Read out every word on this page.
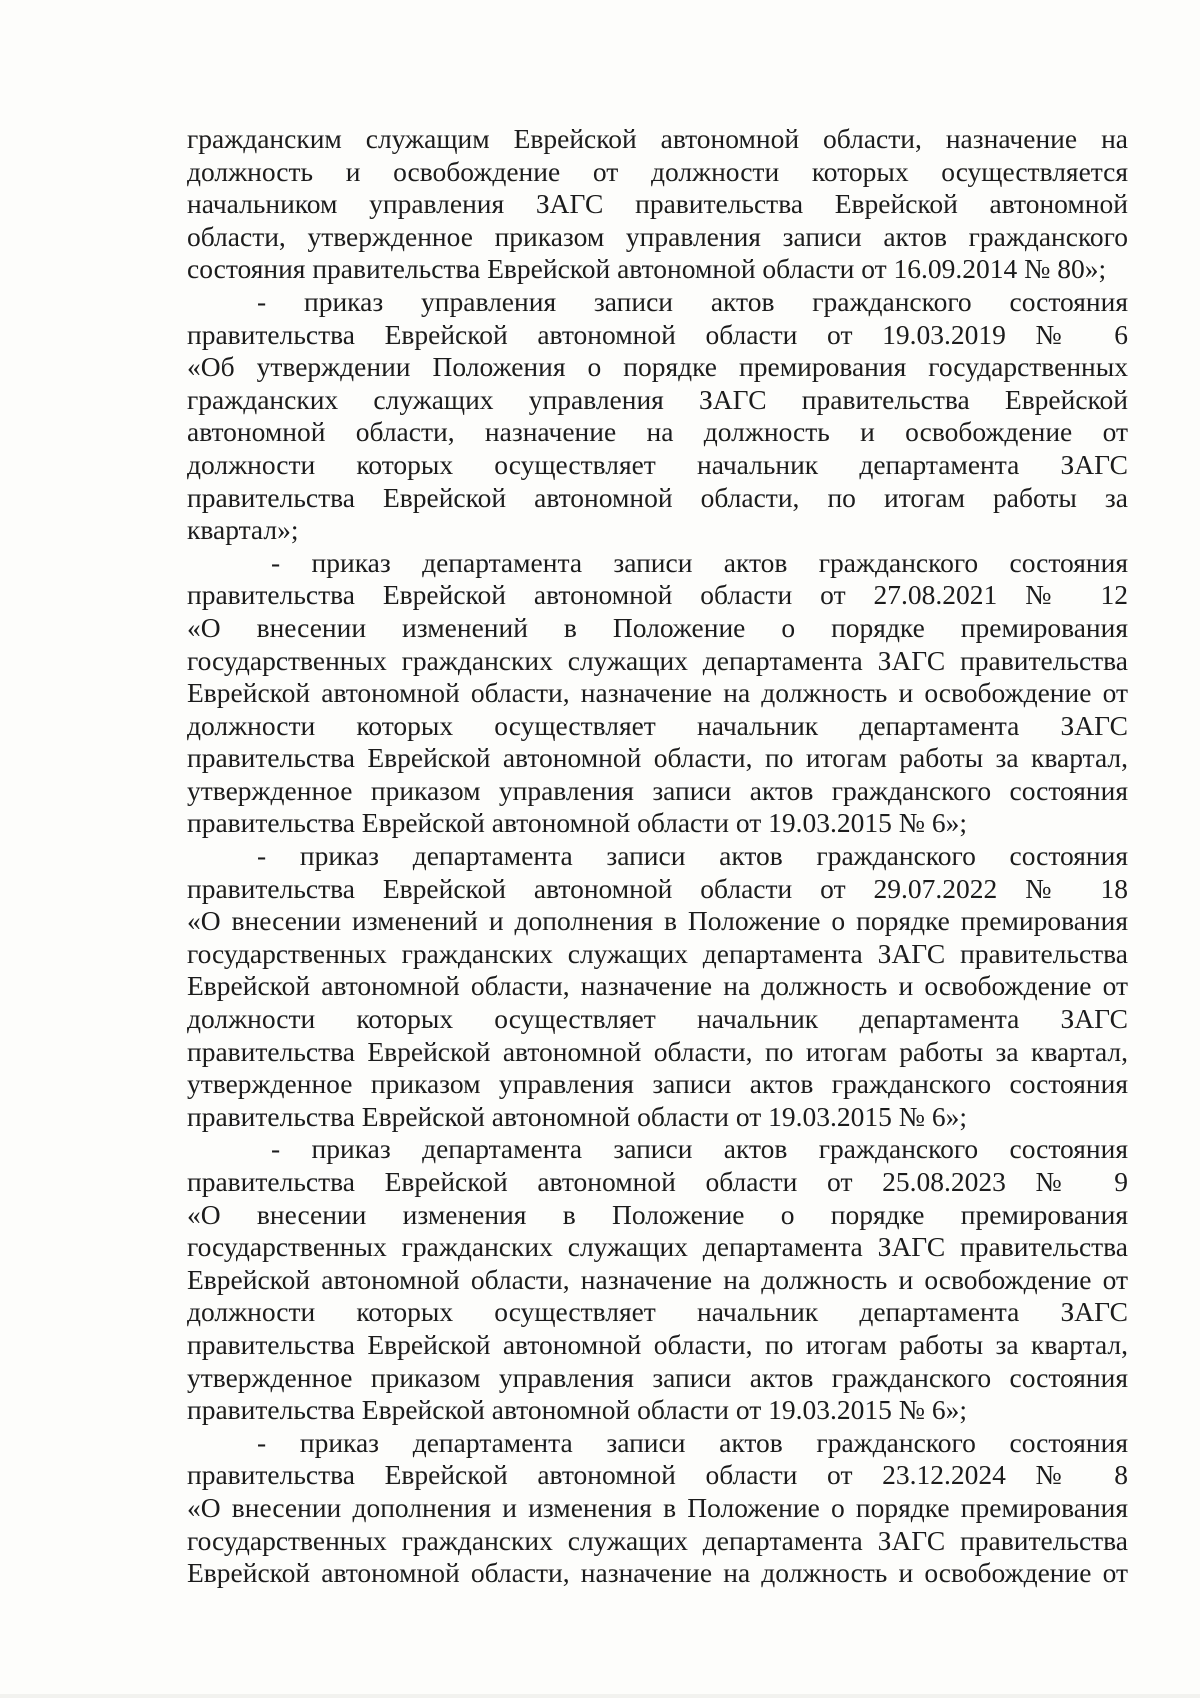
гражданским служащим Еврейской автономной области, назначение на
должность и освобождение от должности которых осуществляется
начальником управления ЗАГС правительства Еврейской автономной
области, утвержденное приказом управления записи актов гражданского
состояния правительства Еврейской автономной области от 16.09.2014 № 80»;
- приказ управления записи актов гражданского состояния
правительства Еврейской автономной области от 19.03.2019 № 6
«Об утверждении Положения о порядке премирования государственных
гражданских служащих управления ЗАГС правительства Еврейской
автономной области, назначение на должность и освобождение от
должности которых осуществляет начальник департамента ЗАГС
правительства Еврейской автономной области, по итогам работы за
квартал»;
- приказ департамента записи актов гражданского состояния
правительства Еврейской автономной области от 27.08.2021 № 12
«О внесении изменений в Положение о порядке премирования
государственных гражданских служащих департамента ЗАГС правительства
Еврейской автономной области, назначение на должность и освобождение от
должности которых осуществляет начальник департамента ЗАГС
правительства Еврейской автономной области, по итогам работы за квартал,
утвержденное приказом управления записи актов гражданского состояния
правительства Еврейской автономной области от 19.03.2015 № 6»;
- приказ департамента записи актов гражданского состояния
правительства Еврейской автономной области от 29.07.2022 № 18
«О внесении изменений и дополнения в Положение о порядке премирования
государственных гражданских служащих департамента ЗАГС правительства
Еврейской автономной области, назначение на должность и освобождение от
должности которых осуществляет начальник департамента ЗАГС
правительства Еврейской автономной области, по итогам работы за квартал,
утвержденное приказом управления записи актов гражданского состояния
правительства Еврейской автономной области от 19.03.2015 № 6»;
- приказ департамента записи актов гражданского состояния
правительства Еврейской автономной области от 25.08.2023 № 9
«О внесении изменения в Положение о порядке премирования
государственных гражданских служащих департамента ЗАГС правительства
Еврейской автономной области, назначение на должность и освобождение от
должности которых осуществляет начальник департамента ЗАГС
правительства Еврейской автономной области, по итогам работы за квартал,
утвержденное приказом управления записи актов гражданского состояния
правительства Еврейской автономной области от 19.03.2015 № 6»;
- приказ департамента записи актов гражданского состояния
правительства Еврейской автономной области от 23.12.2024 № 8
«О внесении дополнения и изменения в Положение о порядке премирования
государственных гражданских служащих департамента ЗАГС правительства
Еврейской автономной области, назначение на должность и освобождение от
